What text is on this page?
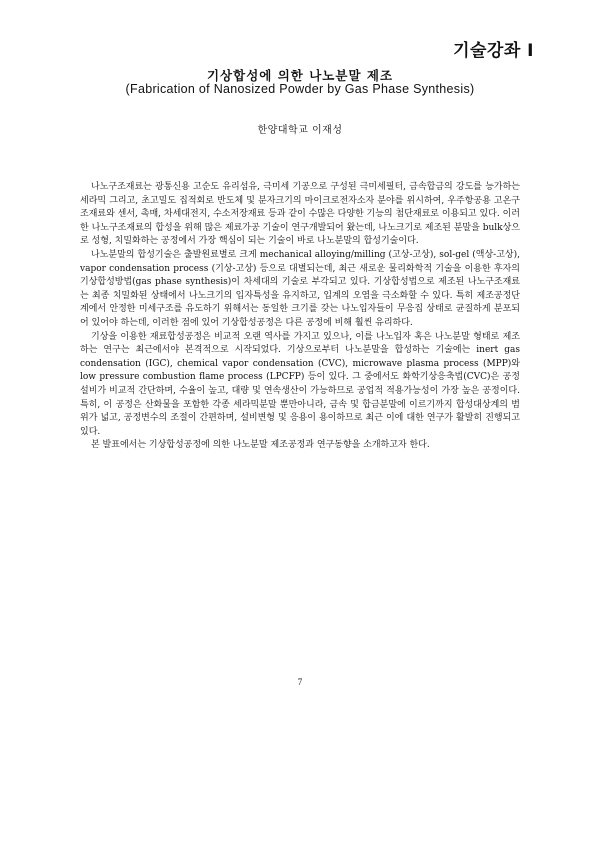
기술강좌 I
기상합성에 의한 나노분말 제조
(Fabrication of Nanosized Powder by Gas Phase Synthesis)
한양대학교 이재성

나노구조재료는 광통신용 고순도 유리섬유, 극미세 기공으로 구성된 극미세필터, 금속합금의 강도를 능가하는 세라믹 그리고, 초고밀도 집적회로 반도체 및 분자크기의 마이크로전자소자 분야를 위시하여, 우주항공용 고온구조재료와 센서, 촉매, 차세대전지, 수소저장재료 등과 같이 수많은 다양한 기능의 첨단재료로 이용되고 있다. 이러한 나노구조재료의 합성을 위해 많은 제료가공 기술이 연구개발되어 왔는데, 나노크기로 제조된 분말을 bulk상으로 성형, 치밀화하는 공정에서 가장 핵심이 되는 기술이 바로 나노분말의 합성기술이다.

나노분말의 합성기술은 출발원료별로 크게 mechanical alloying/milling (고상-고상), sol-gel (액상-고상), vapor condensation process (기상-고상) 등으로 대별되는데, 최근 새로운 물리화학적 기술을 이용한 후자의 기상합성방법(gas phase synthesis)이 차세대의 기술로 부각되고 있다. 기상합성법으로 제조된 나노구조재료는 최종 치밀화된 상태에서 나노크기의 입자특성을 유지하고, 입계의 오염을 극소화할 수 있다. 특히 제조공정단계에서 안정한 미세구조를 유도하기 위해서는 동일한 크기를 갖는 나노입자들이 무응집 상태로 균질하게 분포되어 있어야 하는데, 이러한 점에 있어 기상합성공정은 다른 공정에 비해 훨씬 유리하다.

기상을 이용한 재료합성공정은 비교적 오랜 역사를 가지고 있으나, 이를 나노입자 혹은 나노분말 형태로 제조하는 연구는 최근에서야 본격적으로 시작되었다. 기상으로부터 나노분말을 합성하는 기술에는 inert gas condensation (IGC), chemical vapor condensation (CVC), microwave plasma process (MPP)와 low pressure combustion flame process (LPCFP) 등이 있다. 그 중에서도 화학기상응축법(CVC)은 공정설비가 비교적 간단하며, 수율이 높고, 대량 및 연속생산이 가능하므로 공업적 적용가능성이 가장 높은 공정이다. 특히, 이 공정은 산화물을 포함한 각종 세라믹분말 뿐만아니라, 금속 및 합금분말에 이르기까지 합성대상계의 범위가 넓고, 공정변수의 조절이 간편하며, 설비변형 및 응용이 용이하므로 최근 이에 대한 연구가 활발히 진행되고 있다.

본 발표에서는 기상합성공정에 의한 나노분말 제조공정과 연구동향을 소개하고자 한다.

7
